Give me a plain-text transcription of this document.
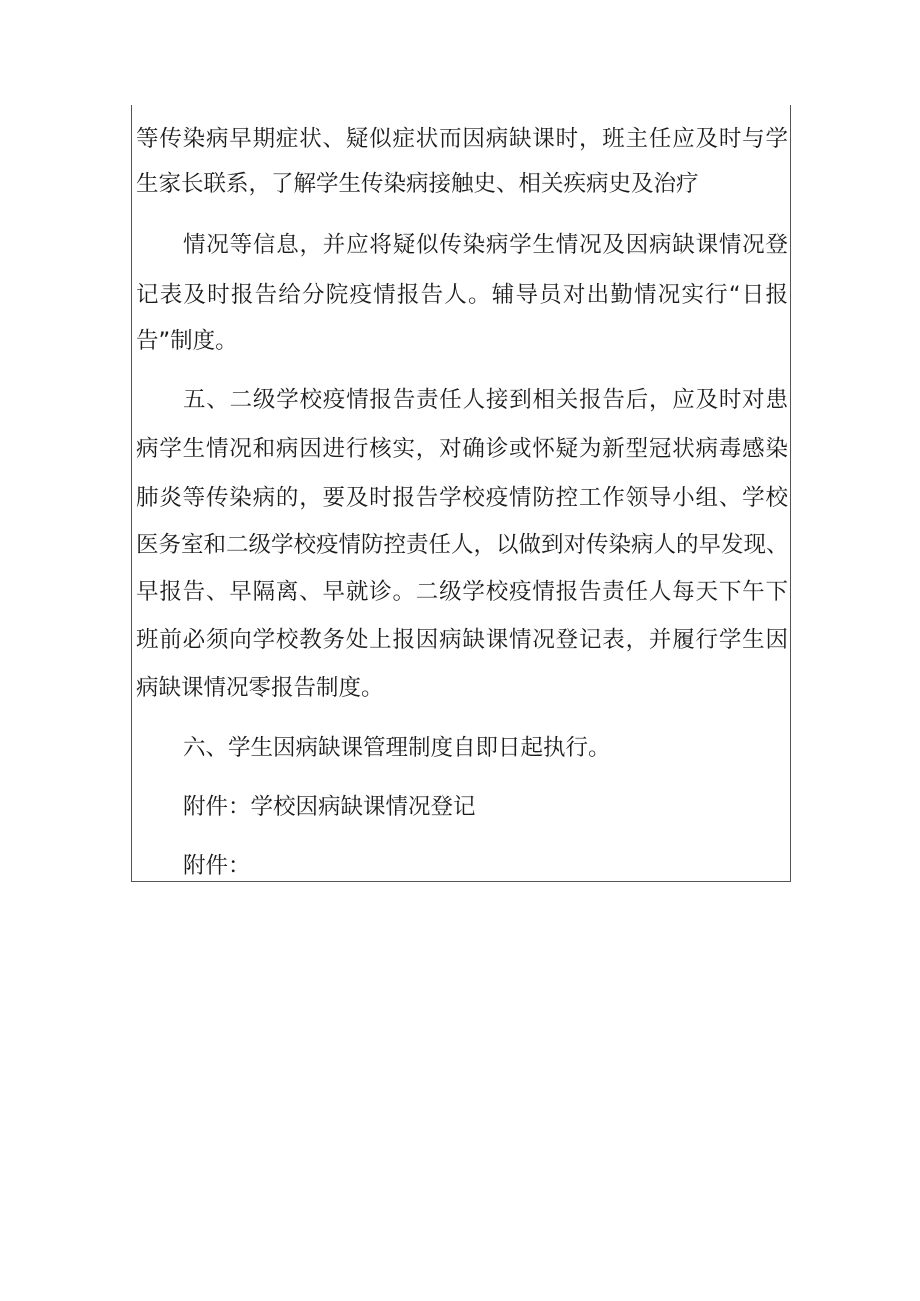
等传染病早期症状、疑似症状而因病缺课时，班主任应及时与学
生家长联系，了解学生传染病接触史、相关疾病史及治疗
情况等信息，并应将疑似传染病学生情况及因病缺课情况登
记表及时报告给分院疫情报告人。辅导员对出勤情况实行“日报
告”制度。
五、二级学校疫情报告责任人接到相关报告后，应及时对患
病学生情况和病因进行核实，对确诊或怀疑为新型冠状病毒感染
肺炎等传染病的，要及时报告学校疫情防控工作领导小组、学校
医务室和二级学校疫情防控责任人，以做到对传染病人的早发现、
早报告、早隔离、早就诊。二级学校疫情报告责任人每天下午下
班前必须向学校教务处上报因病缺课情况登记表，并履行学生因
病缺课情况零报告制度。
六、学生因病缺课管理制度自即日起执行。
附件：学校因病缺课情况登记
附件：
